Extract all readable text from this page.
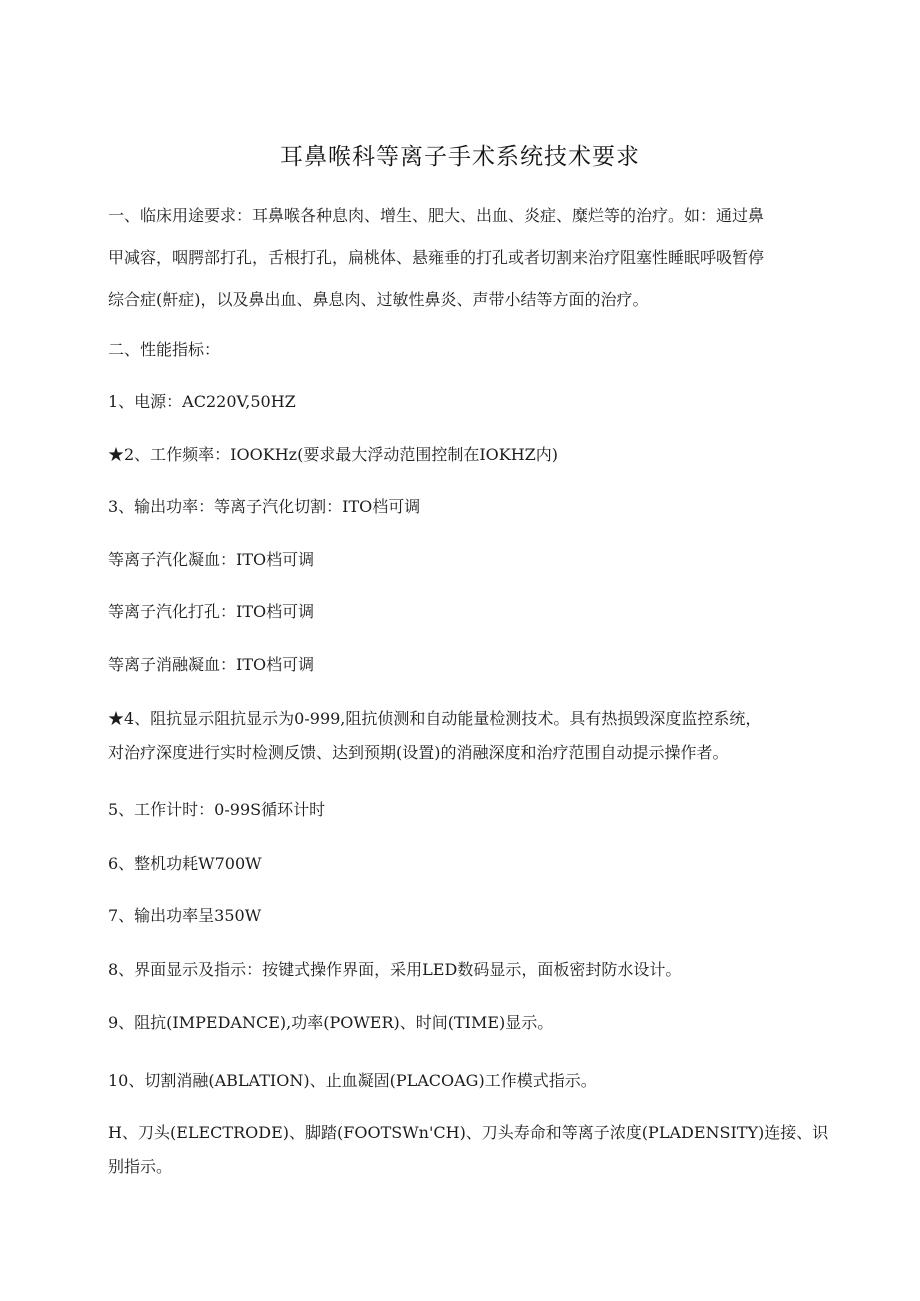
耳鼻喉科等离子手术系统技术要求
一、临床用途要求：耳鼻喉各种息肉、增生、肥大、出血、炎症、糜烂等的治疗。如：通过鼻
甲减容，咽腭部打孔，舌根打孔，扁桃体、悬雍垂的打孔或者切割来治疗阻塞性睡眠呼吸暂停
综合症(鼾症)，以及鼻出血、鼻息肉、过敏性鼻炎、声带小结等方面的治疗。
二、性能指标：
1、电源：AC220V,50HZ
★2、工作频率：IOOKHz(要求最大浮动范围控制在IOKHZ内)
3、输出功率：等离子汽化切割：ITO档可调
等离子汽化凝血：ITO档可调
等离子汽化打孔：ITO档可调
等离子消融凝血：ITO档可调
★4、阻抗显示阻抗显示为0-999,阻抗侦测和自动能量检测技术。具有热损毁深度监控系统，
对治疗深度进行实时检测反馈、达到预期(设置)的消融深度和治疗范围自动提示操作者。
5、工作计时：0-99S循环计时
6、整机功耗W700W
7、输出功率呈350W
8、界面显示及指示：按键式操作界面，采用LED数码显示，面板密封防水设计。
9、阻抗(IMPEDANCE),功率(POWER)、时间(TIME)显示。
10、切割消融(ABLATION)、止血凝固(PLACOAG)工作模式指示。
H、刀头(ELECTRODE)、脚踏(FOOTSWn'CH)、刀头寿命和等离子浓度(PLADENSITY)连接、识
别指示。
